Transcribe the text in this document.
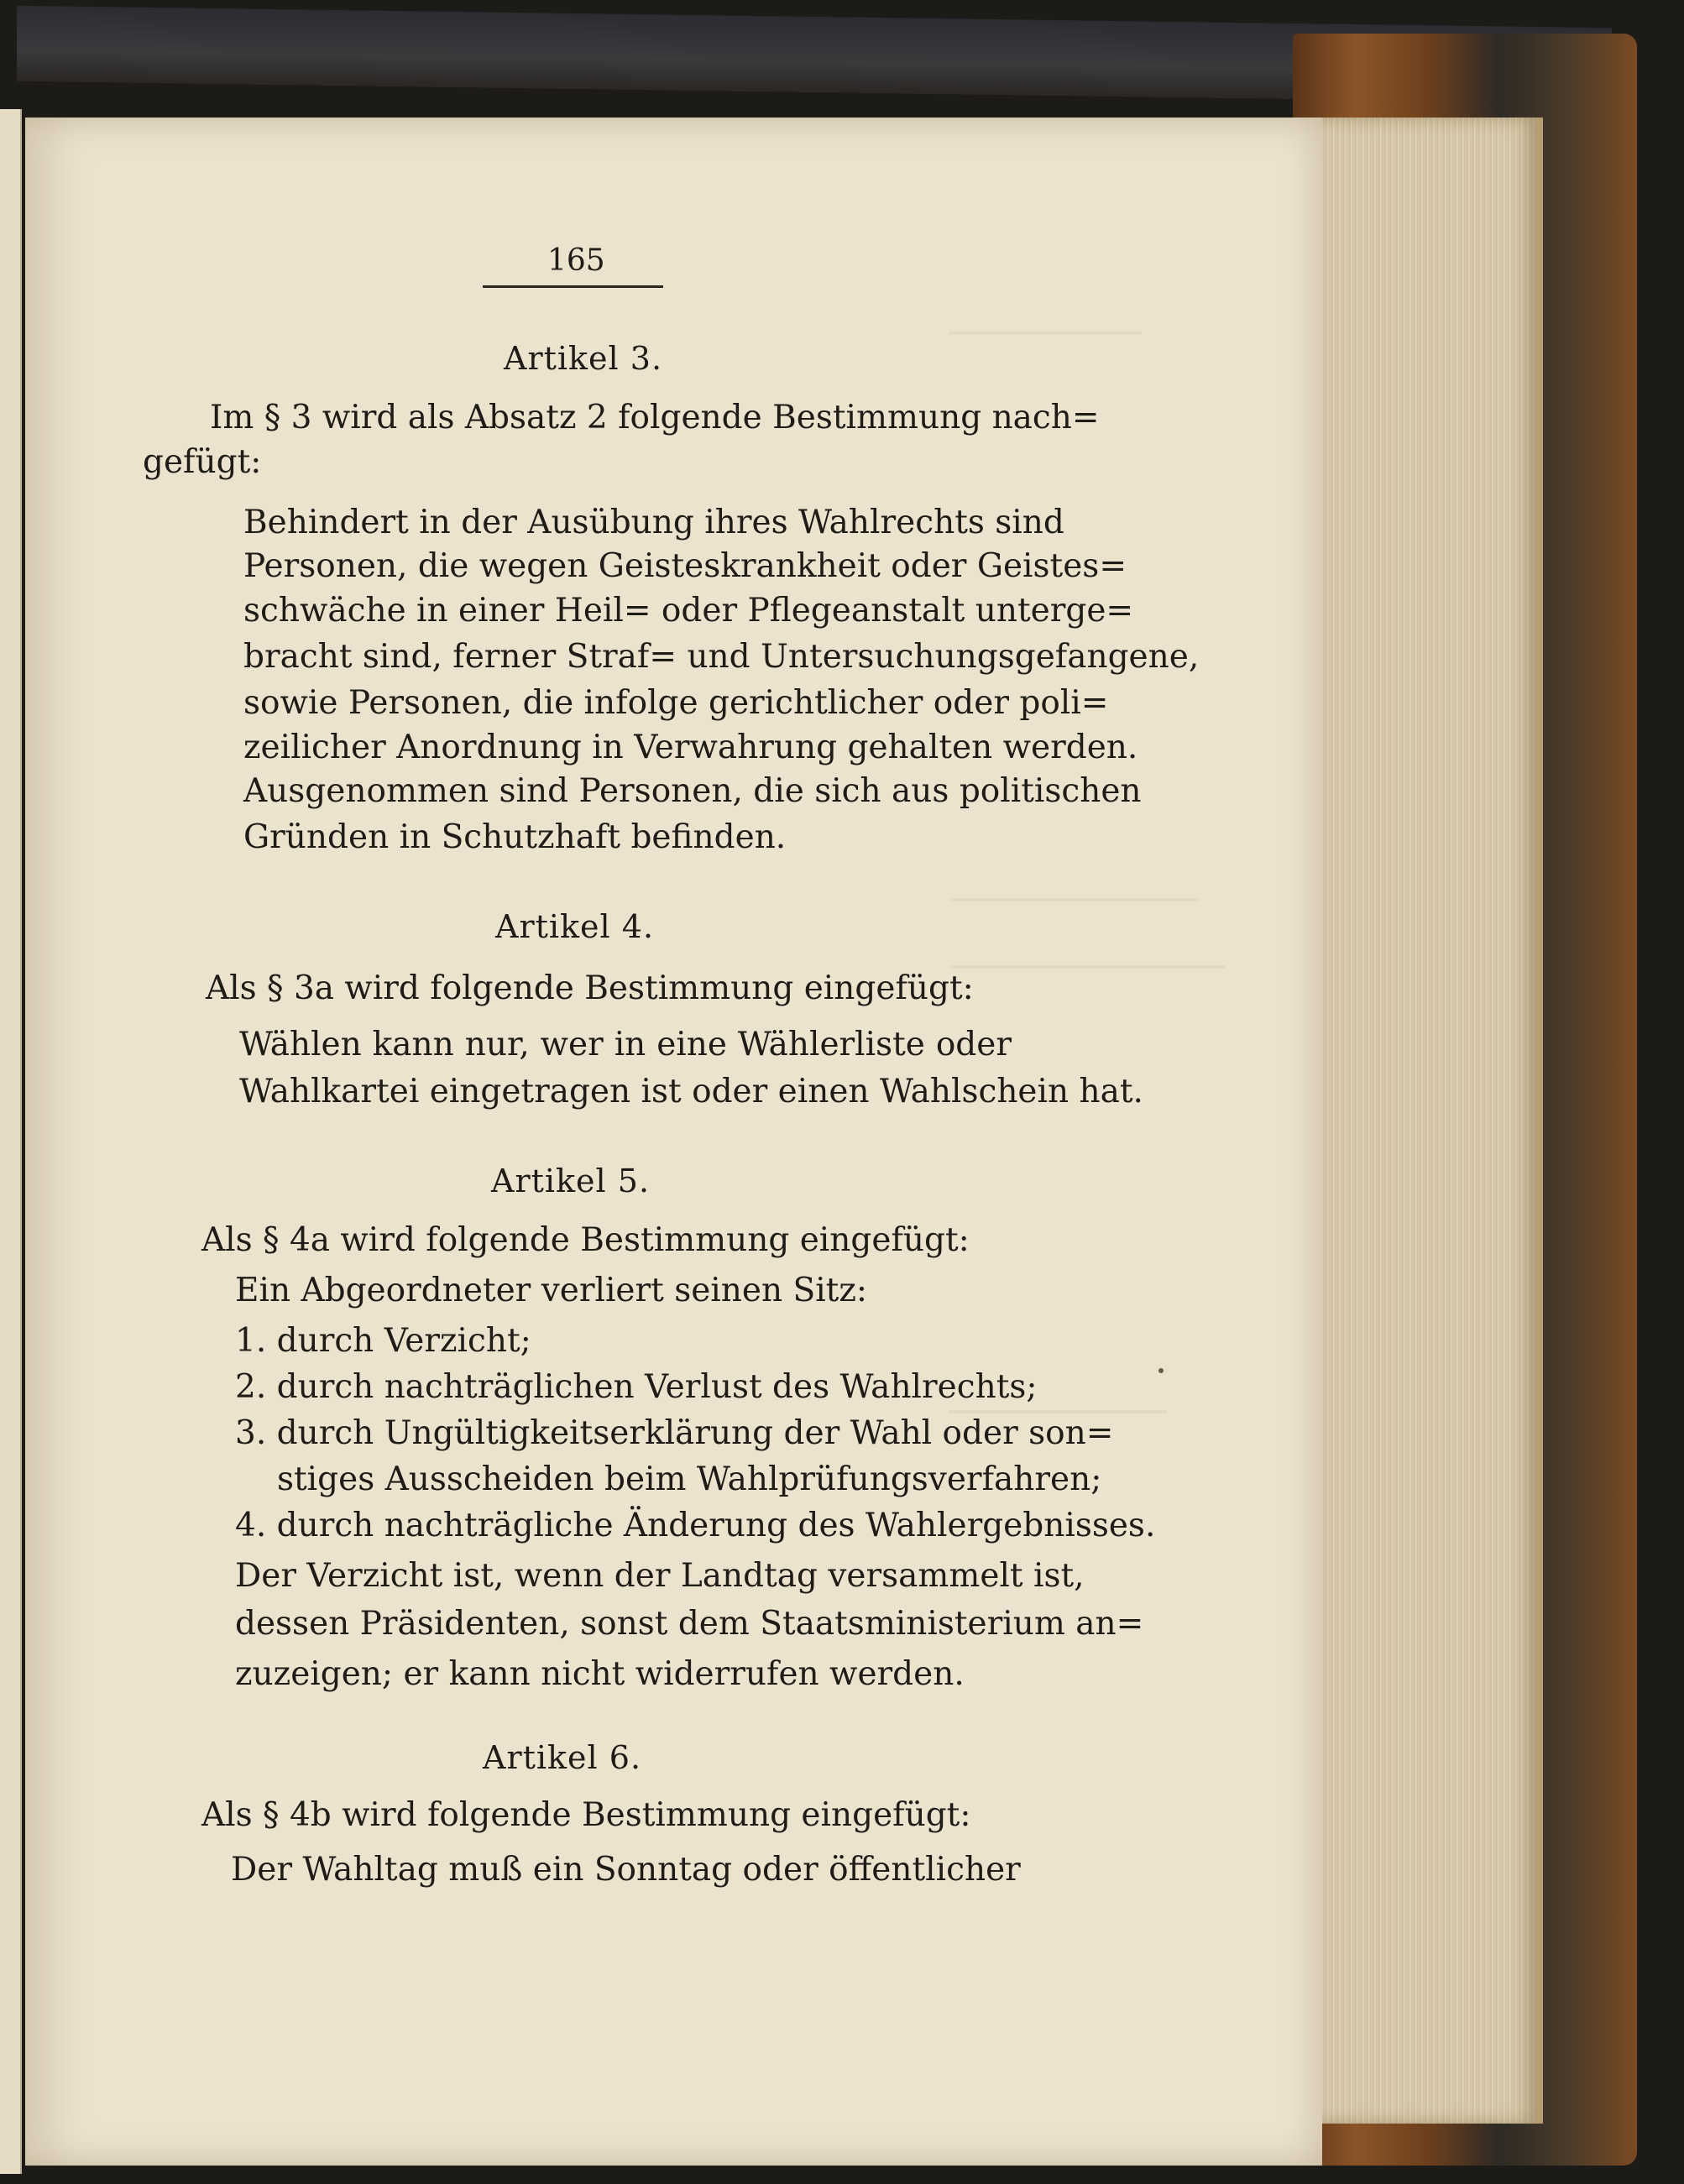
165
Artikel 3.
Im § 3 wird als Absatz 2 folgende Bestimmung nach=
gefügt:
Behindert in der Ausübung ihres Wahlrechts sind
Personen, die wegen Geisteskrankheit oder Geistes=
schwäche in einer Heil= oder Pflegeanstalt unterge=
bracht sind, ferner Straf= und Untersuchungsgefangene,
sowie Personen, die infolge gerichtlicher oder poli=
zeilicher Anordnung in Verwahrung gehalten werden.
Ausgenommen sind Personen, die sich aus politischen
Gründen in Schutzhaft befinden.
Artikel 4.
Als § 3a wird folgende Bestimmung eingefügt:
Wählen kann nur, wer in eine Wählerliste oder
Wahlkartei eingetragen ist oder einen Wahlschein hat.
Artikel 5.
Als § 4a wird folgende Bestimmung eingefügt:
Ein Abgeordneter verliert seinen Sitz:
1. durch Verzicht;
2. durch nachträglichen Verlust des Wahlrechts;
3. durch Ungültigkeitserklärung der Wahl oder son=
stiges Ausscheiden beim Wahlprüfungsverfahren;
4. durch nachträgliche Änderung des Wahlergebnisses.
Der Verzicht ist, wenn der Landtag versammelt ist,
dessen Präsidenten, sonst dem Staatsministerium an=
zuzeigen; er kann nicht widerrufen werden.
Artikel 6.
Als § 4b wird folgende Bestimmung eingefügt:
Der Wahltag muß ein Sonntag oder öffentlicher
